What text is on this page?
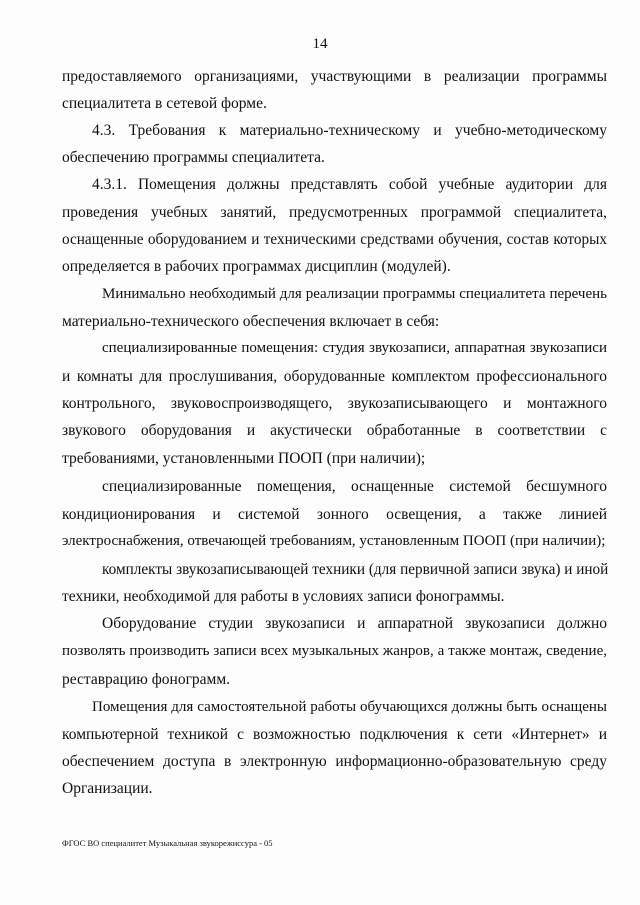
14
предоставляемого организациями, участвующими в реализации программы
специалитета в сетевой форме.
4.3. Требования к материально-техническому и учебно-методическому
обеспечению программы специалитета.
4.3.1. Помещения должны представлять собой учебные аудитории для
проведения учебных занятий, предусмотренных программой специалитета,
оснащенные оборудованием и техническими средствами обучения, состав которых
определяется в рабочих программах дисциплин (модулей).
Минимально необходимый для реализации программы специалитета перечень
материально-технического обеспечения включает в себя:
специализированные помещения: студия звукозаписи, аппаратная звукозаписи
и комнаты для прослушивания, оборудованные комплектом профессионального
контрольного, звуковоспроизводящего, звукозаписывающего и монтажного
звукового оборудования и акустически обработанные в соответствии с
требованиями, установленными ПООП (при наличии);
специализированные помещения, оснащенные системой бесшумного
кондиционирования и системой зонного освещения, а также линией
электроснабжения, отвечающей требованиям, установленным ПООП (при наличии);
комплекты звукозаписывающей техники (для первичной записи звука) и иной
техники, необходимой для работы в условиях записи фонограммы.
Оборудование студии звукозаписи и аппаратной звукозаписи должно
позволять производить записи всех музыкальных жанров, а также монтаж, сведение,
реставрацию фонограмм.
Помещения для самостоятельной работы обучающихся должны быть оснащены
компьютерной техникой с возможностью подключения к сети «Интернет» и
обеспечением доступа в электронную информационно-образовательную среду
Организации.
ФГОС ВО специалитет Музыкальная звукорежиссура - 05
